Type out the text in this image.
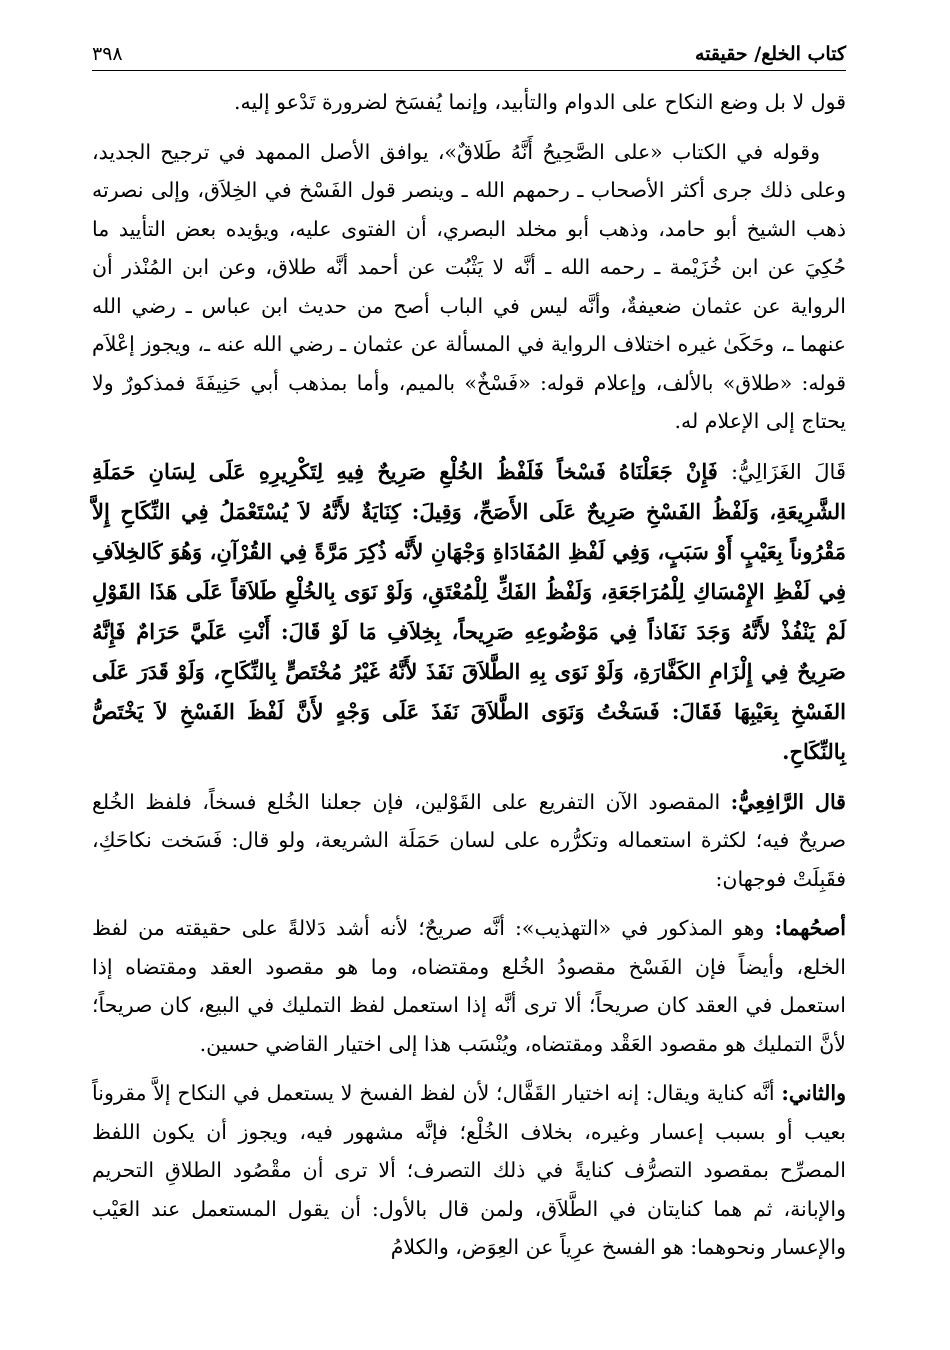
كتاب الخلع/ حقيقته
٣٩٨

قول لا بل وضع النكاح على الدوام والتأبيد، وإنما يُفسَخ لضرورة تَدْعو إليه.

وقوله في الكتاب «على الصَّحِيحُ أَنَّهُ طَلاقٌ»، يوافق الأصل الممهد في ترجيح الجديد، وعلى ذلك جرى أكثر الأصحاب ـ رحمهم الله ـ وينصر قول الفَسْخ في الخِلاَق، وإلى نصرته ذهب الشيخ أبو حامد، وذهب أبو مخلد البصري، أن الفتوى عليه، ويؤيده بعض التأييد ما حُكِيَ عن ابن خُزَيْمة ـ رحمه الله ـ أنَّه لا يَثْبُت عن أحمد أنَّه طلاق، وعن ابن المُنْذر أن الرواية عن عثمان ضعيفةٌ، وأنَّه ليس في الباب أصح من حديث ابن عباس ـ رضي الله عنهما ـ، وحَكَىٰ غيره اختلاف الرواية في المسألة عن عثمان ـ رضي الله عنه ـ، ويجوز إعْلاَم قوله: «طلاق» بالألف، وإعلام قوله: «فَسْخٌ» بالميم، وأما بمذهب أبي حَنِيفَةَ فمذكورٌ ولا يحتاج إلى الإعلام له.

قَالَ الغَزَالِيُّ: فَإِنْ جَعَلْنَاهُ فَسْخاً فَلَفْظُ الخُلْعِ صَرِيحٌ فِيهِ لِتَكْرِيرِهِ عَلَى لِسَانِ حَمَلَةِ الشَّرِيعَةِ، وَلَفْظُ الفَسْخِ صَرِيحٌ عَلَى الأَصَحِّ، وَقِيلَ: كِنَايَةٌ لأَنَّهُ لاَ يُسْتَعْمَلُ فِي النِّكَاحِ إِلاَّ مَقْرُوناً بِعَيْبٍ أَوْ سَبَبٍ، وَفِي لَفْظِ المُفَادَاةِ وَجْهَانِ لأَنَّه ذُكِرَ مَرَّةً فِي القُرْآنِ، وَهُوَ كَالخِلاَفِ فِي لَفْظِ الإِمْسَاكِ لِلْمُرَاجَعَةِ، وَلَفْظُ الفَكِّ لِلْمُعْتَقِ، وَلَوْ نَوَى بِالخُلْعِ طَلاَقاً عَلَى هَذَا القَوْلِ لَمْ يَنْفُذْ لأَنَّهُ وَجَدَ نَفَاذاً فِي مَوْضُوعِهِ صَرِيحاً، بِخِلاَفِ مَا لَوْ قَالَ: أَنْتِ عَلَيَّ حَرَامٌ فَإِنَّهُ صَرِيحٌ فِي إِلْزَامِ الكَفَّارَةِ، وَلَوْ نَوَى بِهِ الطَّلاَقَ نَفَذَ لأَنَّهُ غَيْرُ مُخْتَصٍّ بِالنِّكَاحِ، وَلَوْ قَدَرَ عَلَى الفَسْخِ بِعَيْبِهَا فَقَالَ: فَسَخْتُ وَنَوَى الطَّلاَقَ نَفَذَ عَلَى وَجْهٍ لأَنَّ لَفْظَ الفَسْخِ لاَ يَخْتَصُّ بِالنِّكَاحِ.

قال الرَّافِعِيُّ: المقصود الآن التفريع على القَوْلين، فإن جعلنا الخُلع فسخاً، فلفظ الخُلع صريحٌ فيه؛ لكثرة استعماله وتكرُّره على لسان حَمَلَة الشريعة، ولو قال: فَسَخت نكاحَكِ، فقَبِلَتْ فوجهان:

أصحُهما: وهو المذكور في «التهذيب»: أنَّه صريحٌ؛ لأنه أشد دَلالةً على حقيقته من لفظ الخلع، وأيضاً فإن الفَسْخ مقصودُ الخُلع ومقتضاه، وما هو مقصود العقد ومقتضاه إذا استعمل في العقد كان صريحاً؛ ألا ترى أنَّه إذا استعمل لفظ التمليك في البيع، كان صريحاً؛ لأنَّ التمليك هو مقصود العَقْد ومقتضاه، ويُنْسَب هذا إلى اختيار القاضي حسين.

والثاني: أنَّه كناية ويقال: إنه اختيار القَفَّال؛ لأن لفظ الفسخ لا يستعمل في النكاح إلاَّ مقروناً بعيب أو بسبب إعسار وغيره، بخلاف الخُلْع؛ فإنَّه مشهور فيه، ويجوز أن يكون اللفظ المصرِّح بمقصود التصرُّف كنايةً في ذلك التصرف؛ ألا ترى أن مقْصُود الطلاقِ التحريم والإبانة، ثم هما كنايتان في الطَّلاَق، ولمن قال بالأول: أن يقول المستعمل عند العَيْب والإعسار ونحوهما: هو الفسخ عرِياً عن العِوَض، والكلامُ
